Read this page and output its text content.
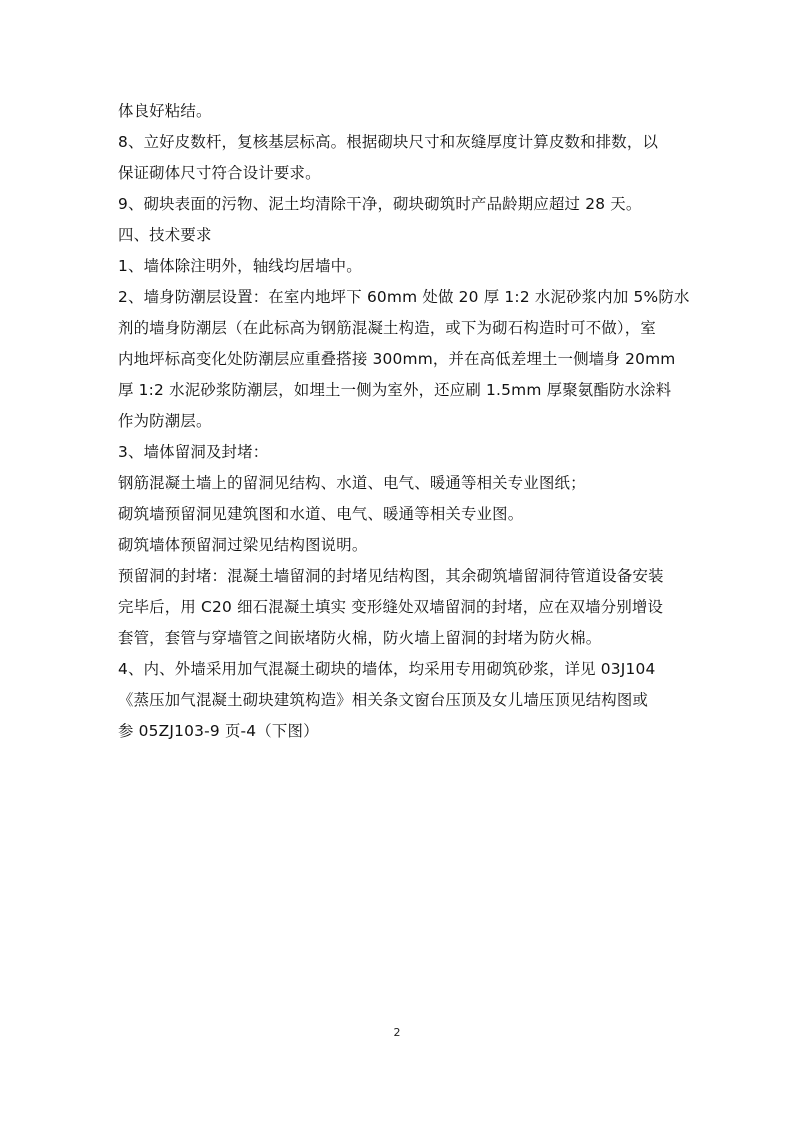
体良好粘结。
8、立好皮数杆，复核基层标高。根据砌块尺寸和灰缝厚度计算皮数和排数，以
保证砌体尺寸符合设计要求。
9、砌块表面的污物、泥土均清除干净，砌块砌筑时产品龄期应超过 28 天。
四、技术要求
1、墙体除注明外，轴线均居墙中。
2、墙身防潮层设置：在室内地坪下 60mm 处做 20 厚 1:2 水泥砂浆内加 5%防水
剂的墙身防潮层（在此标高为钢筋混凝土构造，或下为砌石构造时可不做），室
内地坪标高变化处防潮层应重叠搭接 300mm，并在高低差埋土一侧墙身 20mm
厚 1:2 水泥砂浆防潮层，如埋土一侧为室外，还应刷 1.5mm 厚聚氨酯防水涂料
作为防潮层。
3、墙体留洞及封堵：
钢筋混凝土墙上的留洞见结构、水道、电气、暖通等相关专业图纸；
砌筑墙预留洞见建筑图和水道、电气、暖通等相关专业图。
砌筑墙体预留洞过梁见结构图说明。
预留洞的封堵：混凝土墙留洞的封堵见结构图，其余砌筑墙留洞待管道设备安装
完毕后，用 C20 细石混凝土填实 变形缝处双墙留洞的封堵，应在双墙分别增设
套管，套管与穿墙管之间嵌堵防火棉，防火墙上留洞的封堵为防火棉。
4、内、外墙采用加气混凝土砌块的墙体，均采用专用砌筑砂浆，详见 03J104
《蒸压加气混凝土砌块建筑构造》相关条文窗台压顶及女儿墙压顶见结构图或
参 05ZJ103-9 页-4（下图）
2
